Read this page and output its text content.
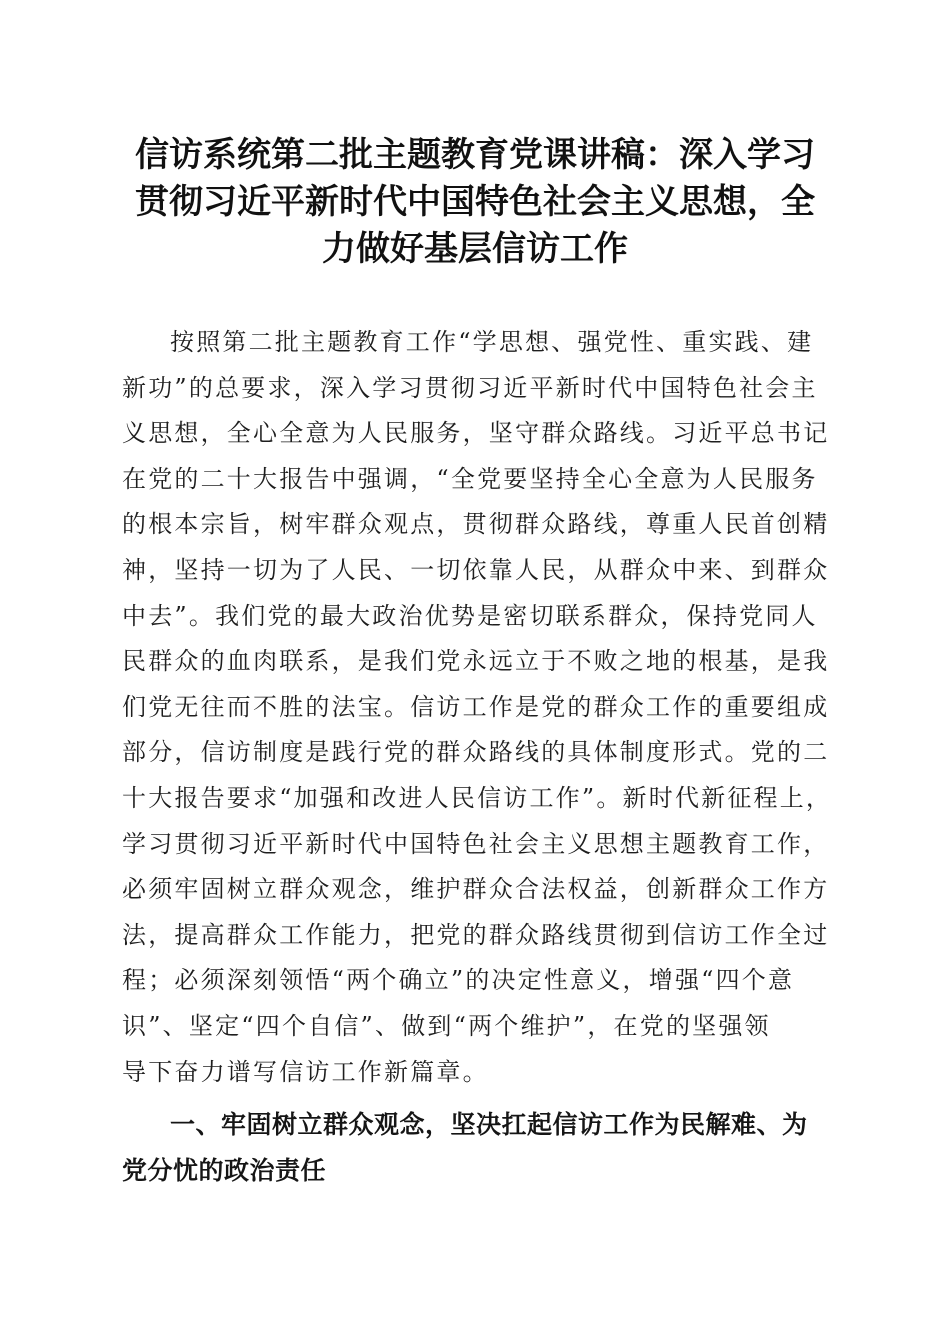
信访系统第二批主题教育党课讲稿：深入学习
贯彻习近平新时代中国特色社会主义思想，全
力做好基层信访工作
按照第二批主题教育工作“学思想、强党性、重实践、建
新功”的总要求，深入学习贯彻习近平新时代中国特色社会主
义思想，全心全意为人民服务，坚守群众路线。习近平总书记
在党的二十大报告中强调，“全党要坚持全心全意为人民服务
的根本宗旨，树牢群众观点，贯彻群众路线，尊重人民首创精
神，坚持一切为了人民、一切依靠人民，从群众中来、到群众
中去”。我们党的最大政治优势是密切联系群众，保持党同人
民群众的血肉联系，是我们党永远立于不败之地的根基，是我
们党无往而不胜的法宝。信访工作是党的群众工作的重要组成
部分，信访制度是践行党的群众路线的具体制度形式。党的二
十大报告要求“加强和改进人民信访工作”。新时代新征程上，
学习贯彻习近平新时代中国特色社会主义思想主题教育工作，
必须牢固树立群众观念，维护群众合法权益，创新群众工作方
法，提高群众工作能力，把党的群众路线贯彻到信访工作全过
程；必须深刻领悟“两个确立”的决定性意义，增强“四个意
识”、坚定“四个自信”、做到“两个维护”，在党的坚强领
导下奋力谱写信访工作新篇章。
一、牢固树立群众观念，坚决扛起信访工作为民解难、为
党分忧的政治责任
